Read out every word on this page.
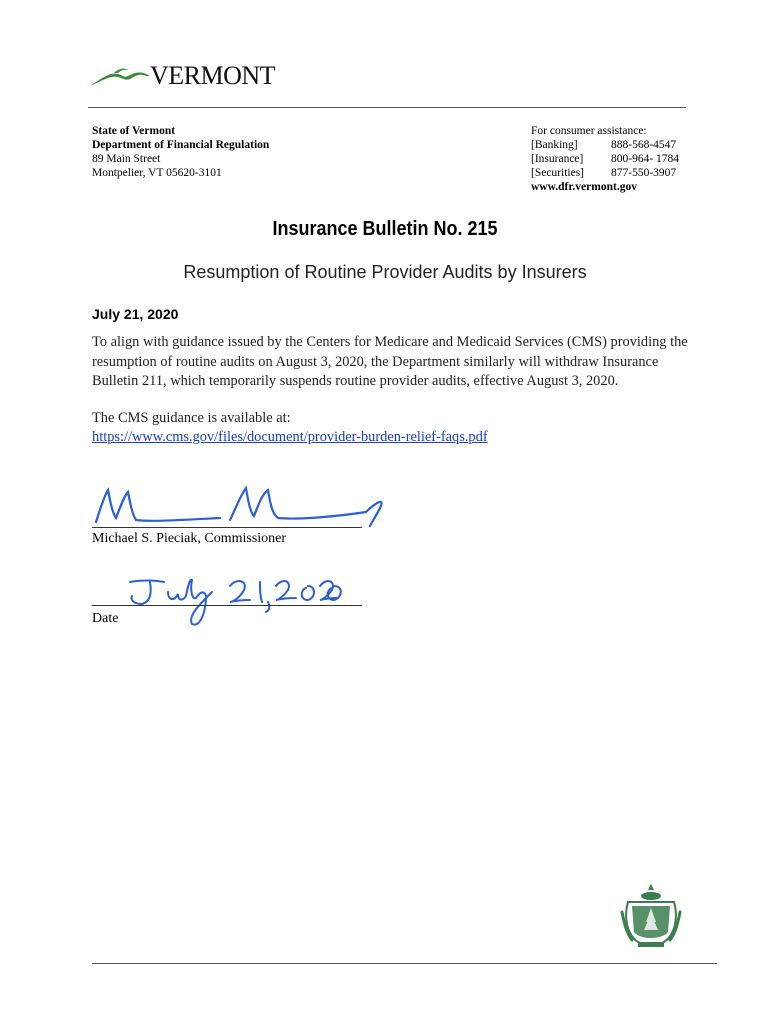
VERMONT
State of Vermont
Department of Financial Regulation
89 Main Street
Montpelier, VT 05620-3101
For consumer assistance:
[Banking]	888-568-4547
[Insurance]	800-964- 1784
[Securities]	877-550-3907
www.dfr.vermont.gov
Insurance Bulletin No. 215
Resumption of Routine Provider Audits by Insurers
July 21, 2020

To align with guidance issued by the Centers for Medicare and Medicaid Services (CMS) providing the resumption of routine audits on August 3, 2020, the Department similarly will withdraw Insurance Bulletin 211, which temporarily suspends routine provider audits, effective August 3, 2020.

The CMS guidance is available at:
https://www.cms.gov/files/document/provider-burden-relief-faqs.pdf
Michael S. Pieciak, Commissioner
Date
